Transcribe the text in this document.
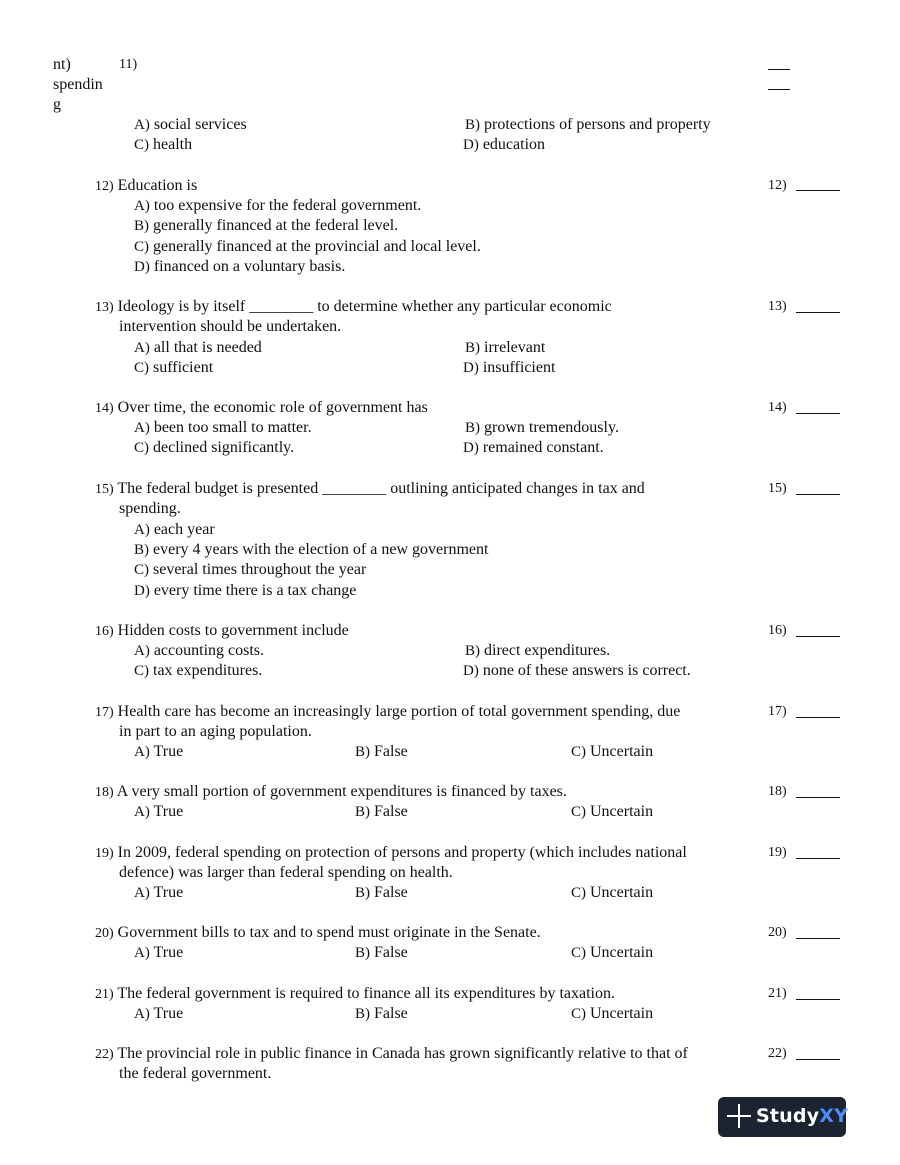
nt)
spendin
g
11)
A) social services	B) protections of persons and property
C) health	D) education
12) Education is	12)
A) too expensive for the federal government.
B) generally financed at the federal level.
C) generally financed at the provincial and local level.
D) financed on a voluntary basis.
13) Ideology is by itself ________ to determine whether any particular economic
intervention should be undertaken.
13)
A) all that is needed	B) irrelevant
C) sufficient	D) insufficient
14) Over time, the economic role of government has	14)
A) been too small to matter.	B) grown tremendously.
C) declined significantly.	D) remained constant.
15) The federal budget is presented ________ outlining anticipated changes in tax and
spending.
15)
A) each year
B) every 4 years with the election of a new government
C) several times throughout the year
D) every time there is a tax change
16) Hidden costs to government include	16)
A) accounting costs.	B) direct expenditures.
C) tax expenditures.	D) none of these answers is correct.
17) Health care has become an increasingly large portion of total government spending, due
in part to an aging population.
17)
A) True	B) False	C) Uncertain
18) A very small portion of government expenditures is financed by taxes.	18)
A) True	B) False	C) Uncertain
19) In 2009, federal spending on protection of persons and property (which includes national
defence) was larger than federal spending on health.
19)
A) True	B) False	C) Uncertain
20) Government bills to tax and to spend must originate in the Senate.	20)
A) True	B) False	C) Uncertain
21) The federal government is required to finance all its expenditures by taxation.	21)
A) True	B) False	C) Uncertain
22) The provincial role in public finance in Canada has grown significantly relative to that of
the federal government.
22)
StudyXY
